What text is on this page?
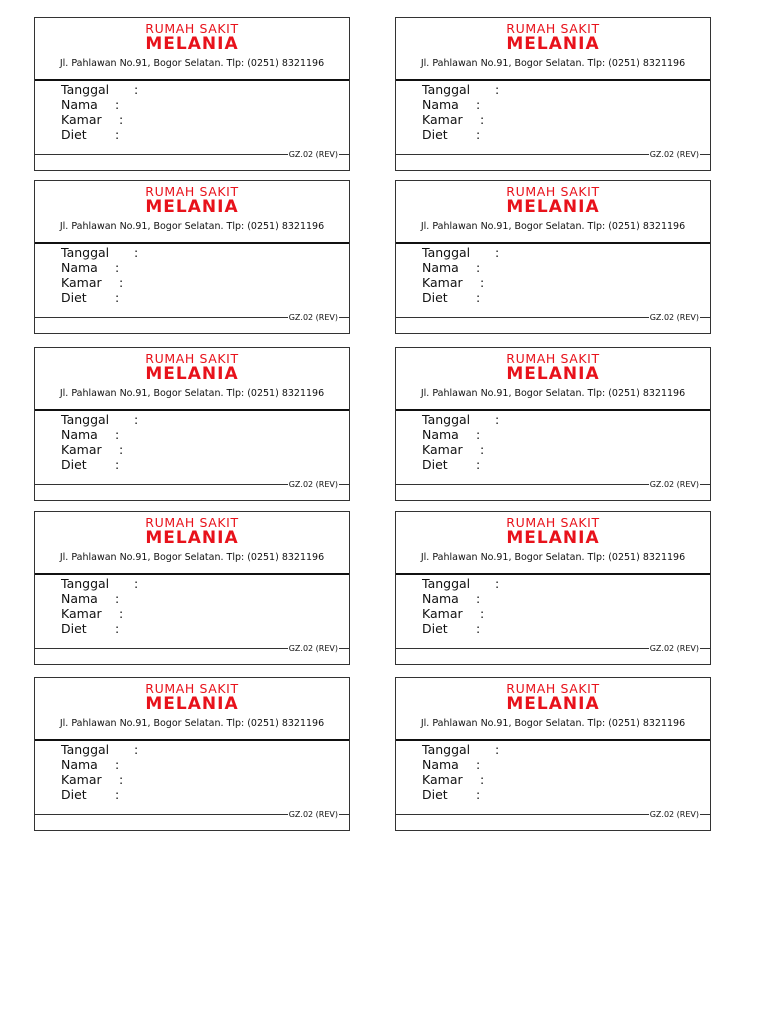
RUMAH SAKIT
MELANIA
Jl. Pahlawan No.91, Bogor Selatan. Tlp: (0251) 8321196
Tanggal :
Nama :
Kamar :
Diet :
GZ.02 (REV)
RUMAH SAKIT
MELANIA
Jl. Pahlawan No.91, Bogor Selatan. Tlp: (0251) 8321196
Tanggal :
Nama :
Kamar :
Diet :
GZ.02 (REV)
RUMAH SAKIT
MELANIA
Jl. Pahlawan No.91, Bogor Selatan. Tlp: (0251) 8321196
Tanggal :
Nama :
Kamar :
Diet :
GZ.02 (REV)
RUMAH SAKIT
MELANIA
Jl. Pahlawan No.91, Bogor Selatan. Tlp: (0251) 8321196
Tanggal :
Nama :
Kamar :
Diet :
GZ.02 (REV)
RUMAH SAKIT
MELANIA
Jl. Pahlawan No.91, Bogor Selatan. Tlp: (0251) 8321196
Tanggal :
Nama :
Kamar :
Diet :
GZ.02 (REV)
RUMAH SAKIT
MELANIA
Jl. Pahlawan No.91, Bogor Selatan. Tlp: (0251) 8321196
Tanggal :
Nama :
Kamar :
Diet :
GZ.02 (REV)
RUMAH SAKIT
MELANIA
Jl. Pahlawan No.91, Bogor Selatan. Tlp: (0251) 8321196
Tanggal :
Nama :
Kamar :
Diet :
GZ.02 (REV)
RUMAH SAKIT
MELANIA
Jl. Pahlawan No.91, Bogor Selatan. Tlp: (0251) 8321196
Tanggal :
Nama :
Kamar :
Diet :
GZ.02 (REV)
RUMAH SAKIT
MELANIA
Jl. Pahlawan No.91, Bogor Selatan. Tlp: (0251) 8321196
Tanggal :
Nama :
Kamar :
Diet :
GZ.02 (REV)
RUMAH SAKIT
MELANIA
Jl. Pahlawan No.91, Bogor Selatan. Tlp: (0251) 8321196
Tanggal :
Nama :
Kamar :
Diet :
GZ.02 (REV)
